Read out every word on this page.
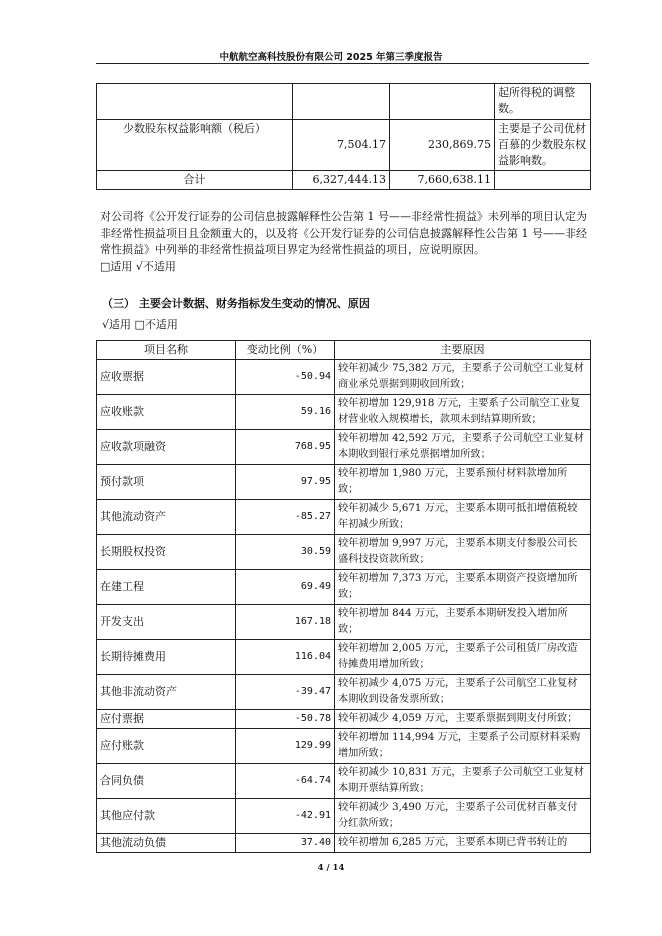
中航航空高科技股份有限公司 2025 年第三季度报告
			起所得税的调整数。
少数股东权益影响额（税后）	7,504.17	230,869.75	主要是子公司优材百慕的少数股东权益影响数。
合计	6,327,444.13	7,660,638.11	
对公司将《公开发行证券的公司信息披露解释性公告第 1 号——非经常性损益》未列举的项目认定为非经常性损益项目且金额重大的，以及将《公开发行证券的公司信息披露解释性公告第 1 号——非经常性损益》中列举的非经常性损益项目界定为经常性损益的项目，应说明原因。
□适用 √不适用
（三） 主要会计数据、财务指标发生变动的情况、原因
√适用 □不适用
项目名称	变动比例（%）	主要原因
应收票据	-50.94	较年初减少 75,382 万元，主要系子公司航空工业复材商业承兑票据到期收回所致；
应收账款	59.16	较年初增加 129,918 万元，主要系子公司航空工业复材营业收入规模增长，款项未到结算期所致；
应收款项融资	768.95	较年初增加 42,592 万元，主要系子公司航空工业复材本期收到银行承兑票据增加所致；
预付款项	97.95	较年初增加 1,980 万元，主要系预付材料款增加所致；
其他流动资产	-85.27	较年初减少 5,671 万元，主要系本期可抵扣增值税较年初减少所致；
长期股权投资	30.59	较年初增加 9,997 万元，主要系本期支付参股公司长盛科技投资款所致；
在建工程	69.49	较年初增加 7,373 万元，主要系本期资产投资增加所致；
开发支出	167.18	较年初增加 844 万元，主要系本期研发投入增加所致；
长期待摊费用	116.04	较年初增加 2,005 万元，主要系子公司租赁厂房改造待摊费用增加所致；
其他非流动资产	-39.47	较年初减少 4,075 万元，主要系子公司航空工业复材本期收到设备发票所致；
应付票据	-50.78	较年初减少 4,059 万元，主要系票据到期支付所致；
应付账款	129.99	较年初增加 114,994 万元，主要系子公司原材料采购增加所致；
合同负债	-64.74	较年初减少 10,831 万元，主要系子公司航空工业复材本期开票结算所致；
其他应付款	-42.91	较年初减少 3,490 万元，主要系子公司优材百慕支付分红款所致；
其他流动负债	37.40	较年初增加 6,285 万元，主要系本期已背书转让的
4 / 14
